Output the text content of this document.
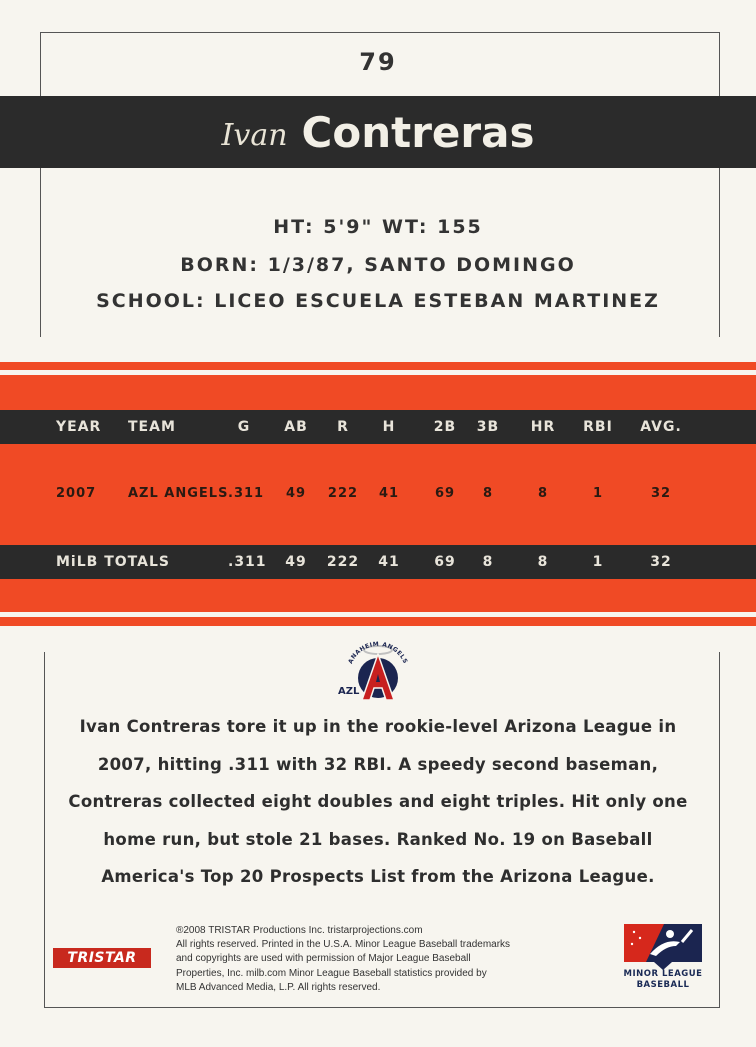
79
Ivan Contreras
HT: 5'9" WT: 155
BORN: 1/3/87, SANTO DOMINGO
SCHOOL: LICEO ESCUELA ESTEBAN MARTINEZ
YEAR TEAM	G	AB	R	H	2B 3B HR RBI AVG.
2007 AZL ANGELS .311	49	222	41	69	8	8	1	32
MiLB TOTALS	.311	49	222	41	69	8	8	1	32
ANAHEIM ANGELS
AZL
Ivan Contreras tore it up in the rookie-level Arizona League in 2007, hitting .311 with 32 RBI. A speedy second baseman, Contreras collected eight doubles and eight triples. Hit only one home run, but stole 21 bases. Ranked No. 19 on Baseball America's Top 20 Prospects List from the Arizona League.
TRISTAR
®2008 TRISTAR Productions Inc. tristarprojections.com
All rights reserved. Printed in the U.S.A. Minor League Baseball trademarks
and copyrights are used with permission of Major League Baseball
Properties, Inc. milb.com Minor League Baseball statistics provided by
MLB Advanced Media, L.P. All rights reserved.
MINOR LEAGUE
BASEBALL
